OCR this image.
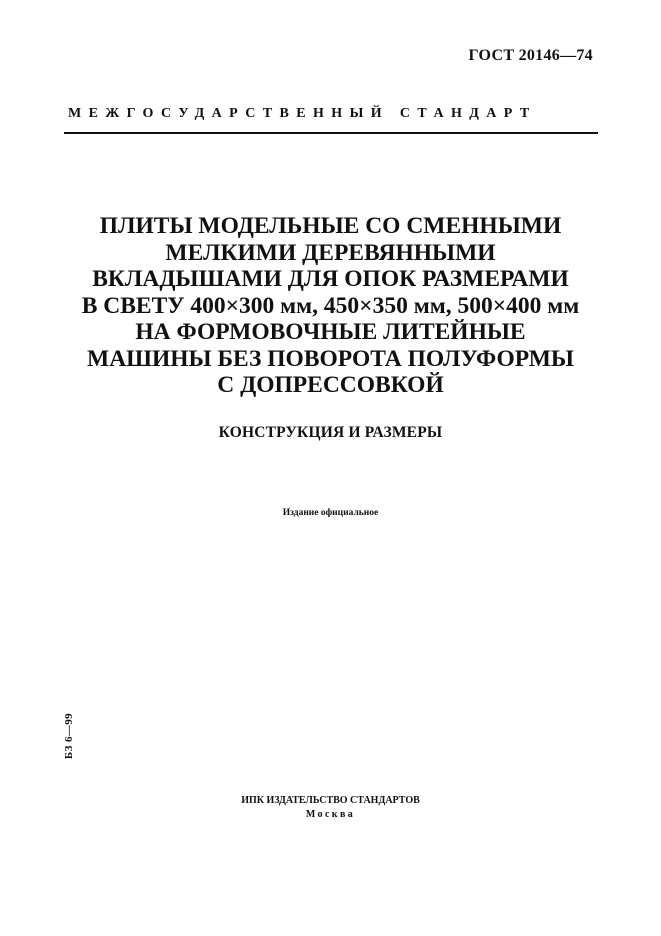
ГОСТ 20146—74
МЕЖГОСУДАРСТВЕННЫЙ СТАНДАРТ
ПЛИТЫ МОДЕЛЬНЫЕ СО СМЕННЫМИ
МЕЛКИМИ ДЕРЕВЯННЫМИ
ВКЛАДЫШАМИ ДЛЯ ОПОК РАЗМЕРАМИ
В СВЕТУ 400×300 мм, 450×350 мм, 500×400 мм
НА ФОРМОВОЧНЫЕ ЛИТЕЙНЫЕ
МАШИНЫ БЕЗ ПОВОРОТА ПОЛУФОРМЫ
С ДОПРЕССОВКОЙ
КОНСТРУКЦИЯ И РАЗМЕРЫ
Издание официальное
БЗ 6—99
ИПК ИЗДАТЕЛЬСТВО СТАНДАРТОВ
Москва
